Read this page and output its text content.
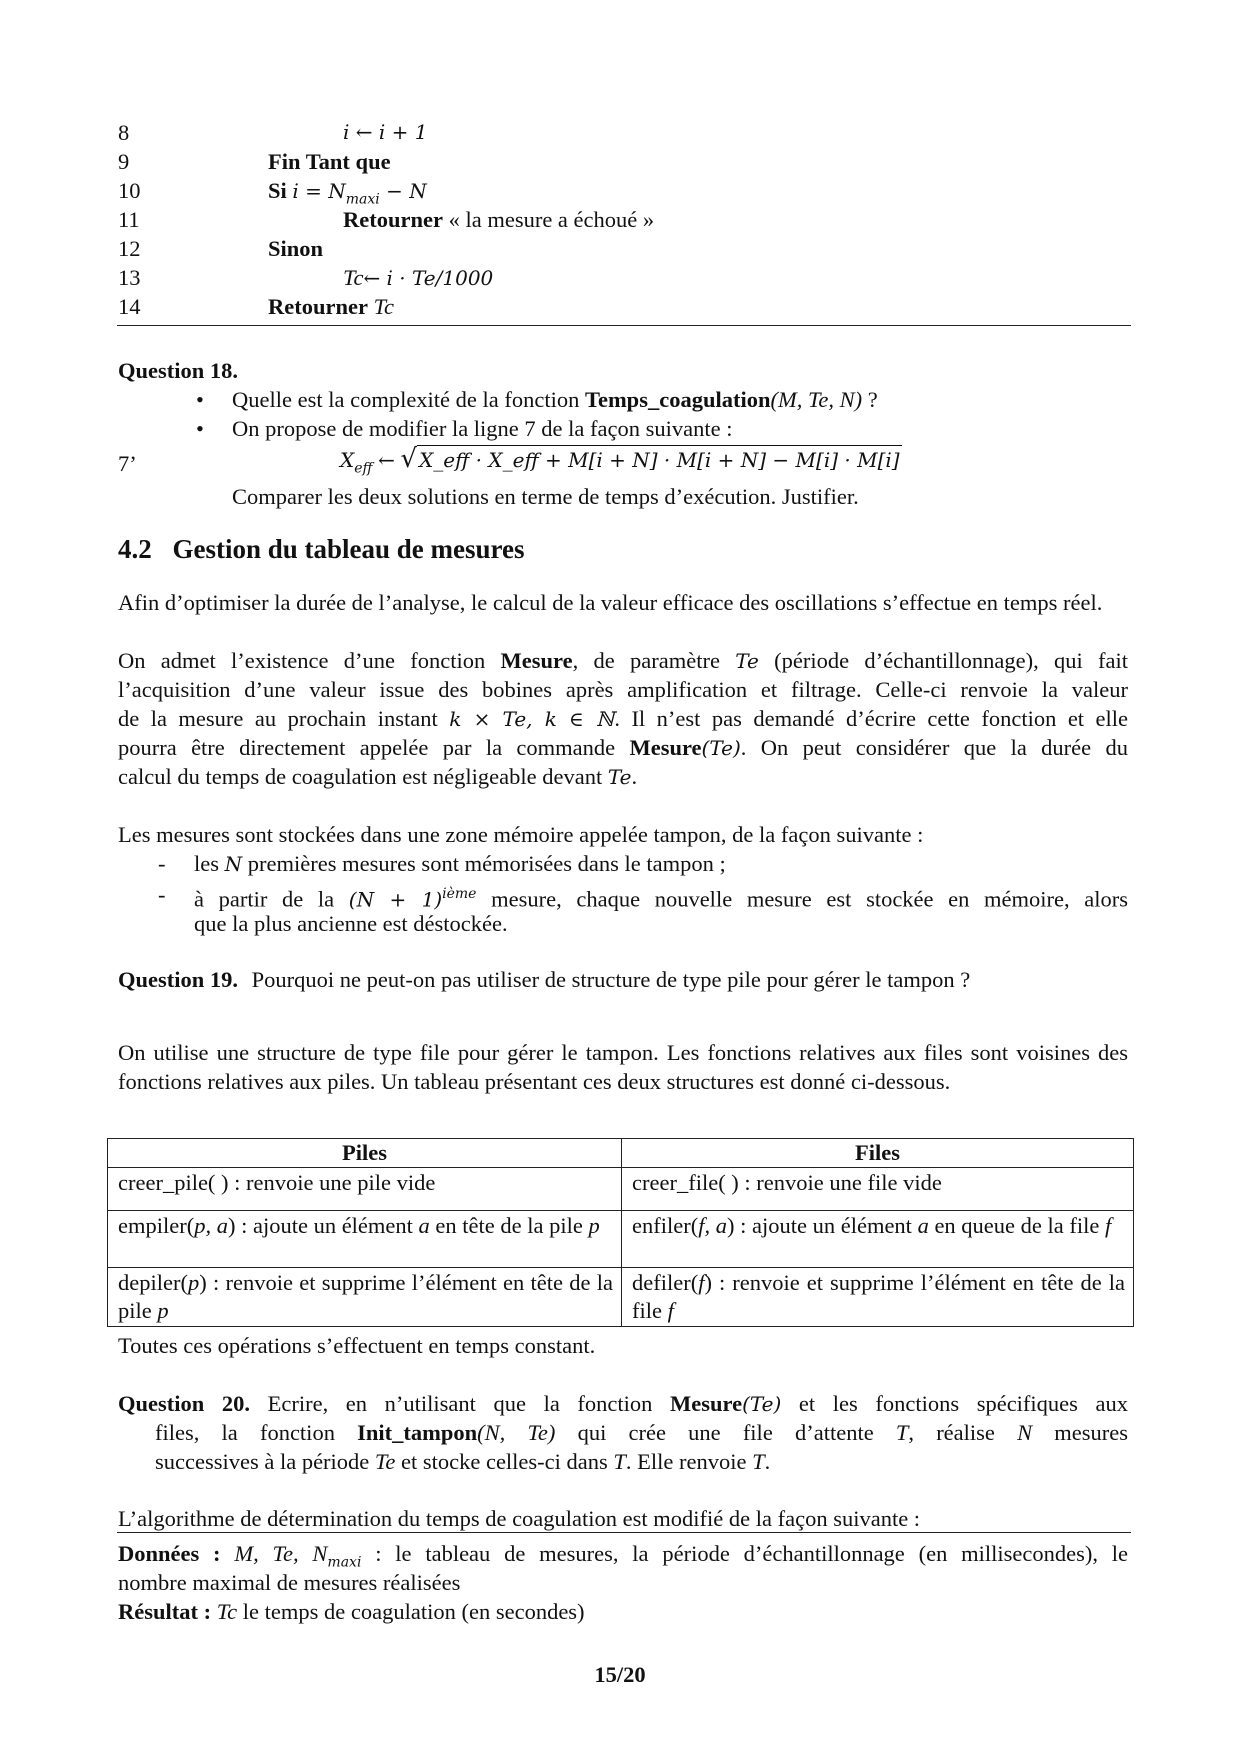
8	i ← i + 1
9	Fin Tant que
10	Si $i = N_{maxi} - N$
11	Retourner « la mesure a échoué »
12	Sinon
13	Tc← i · Te/1000
14	Retourner Tc
Question 18.
• Quelle est la complexité de la fonction Temps_coagulation(M, Te, N) ?
• On propose de modifier la ligne 7 de la façon suivante :
7’	$X_{eff}$ ← √ X_eff · X_eff + M[i + N] · M[i + N] − M[i] · M[i]
Comparer les deux solutions en terme de temps d’exécution. Justifier.
4.2 Gestion du tableau de mesures
Afin d’optimiser la durée de l’analyse, le calcul de la valeur efficace des oscillations s’effectue en temps réel.
On admet l’existence d’une fonction Mesure, de paramètre Te (période d’échantillonnage), qui fait
l’acquisition d’une valeur issue des bobines après amplification et filtrage. Celle-ci renvoie la valeur
de la mesure au prochain instant k × Te, k ∈ ℕ. Il n’est pas demandé d’écrire cette fonction et elle
pourra être directement appelée par la commande Mesure(Te). On peut considérer que la durée du
calcul du temps de coagulation est négligeable devant Te.
Les mesures sont stockées dans une zone mémoire appelée tampon, de la façon suivante :
- les N premières mesures sont mémorisées dans le tampon ;
- à partir de la $(N + 1)^{ième}$ mesure, chaque nouvelle mesure est stockée en mémoire, alors
que la plus ancienne est déstockée.
Question 19. Pourquoi ne peut-on pas utiliser de structure de type pile pour gérer le tampon ?
On utilise une structure de type file pour gérer le tampon. Les fonctions relatives aux files sont voisines des fonctions relatives aux piles. Un tableau présentant ces deux structures est donné ci-dessous.
Piles	Files
creer_pile( ) : renvoie une pile vide	creer_file( ) : renvoie une file vide
empiler(p, a) : ajoute un élément a en tête de la pile p	enfiler(f, a) : ajoute un élément a en queue de la file f
depiler(p) : renvoie et supprime l’élément en tête de la pile p	defiler(f) : renvoie et supprime l’élément en tête de la file f
Toutes ces opérations s’effectuent en temps constant.
Question 20. Ecrire, en n’utilisant que la fonction Mesure(Te) et les fonctions spécifiques aux
files, la fonction Init_tampon(N, Te) qui crée une file d’attente T, réalise N mesures
successives à la période Te et stocke celles-ci dans T. Elle renvoie T.
L’algorithme de détermination du temps de coagulation est modifié de la façon suivante :
Données : M, Te, $N_{maxi}$ : le tableau de mesures, la période d’échantillonnage (en millisecondes), le
nombre maximal de mesures réalisées
Résultat : Tc le temps de coagulation (en secondes)
15/20
